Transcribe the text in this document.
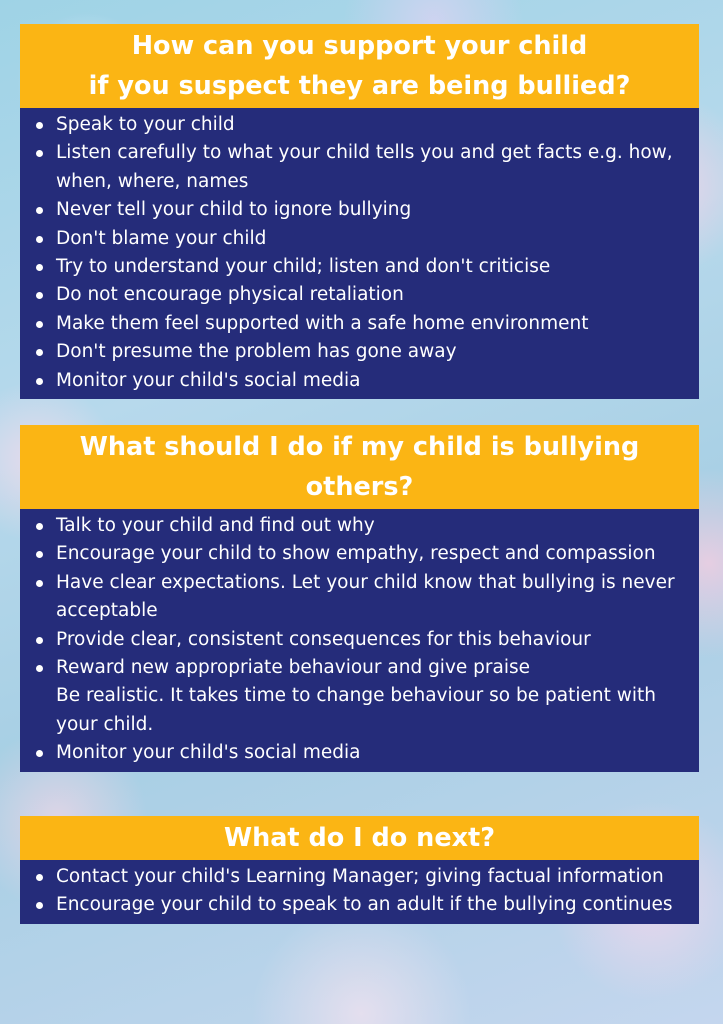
How can you support your child
if you suspect they are being bullied?
Speak to your child
Listen carefully to what your child tells you and get facts e.g. how, when, where, names
Never tell your child to ignore bullying
Don't blame your child
Try to understand your child; listen and don't criticise
Do not encourage physical retaliation
Make them feel supported with a safe home environment
Don't presume the problem has gone away
Monitor your child's social media
What should I do if my child is bullying
others?
Talk to your child and find out why
Encourage your child to show empathy, respect and compassion
Have clear expectations. Let your child know that bullying is never acceptable
Provide clear, consistent consequences for this behaviour
Reward new appropriate behaviour and give praise
Be realistic. It takes time to change behaviour so be patient with your child.
Monitor your child's social media
What do I do next?
Contact your child's Learning Manager; giving factual information
Encourage your child to speak to an adult if the bullying continues
